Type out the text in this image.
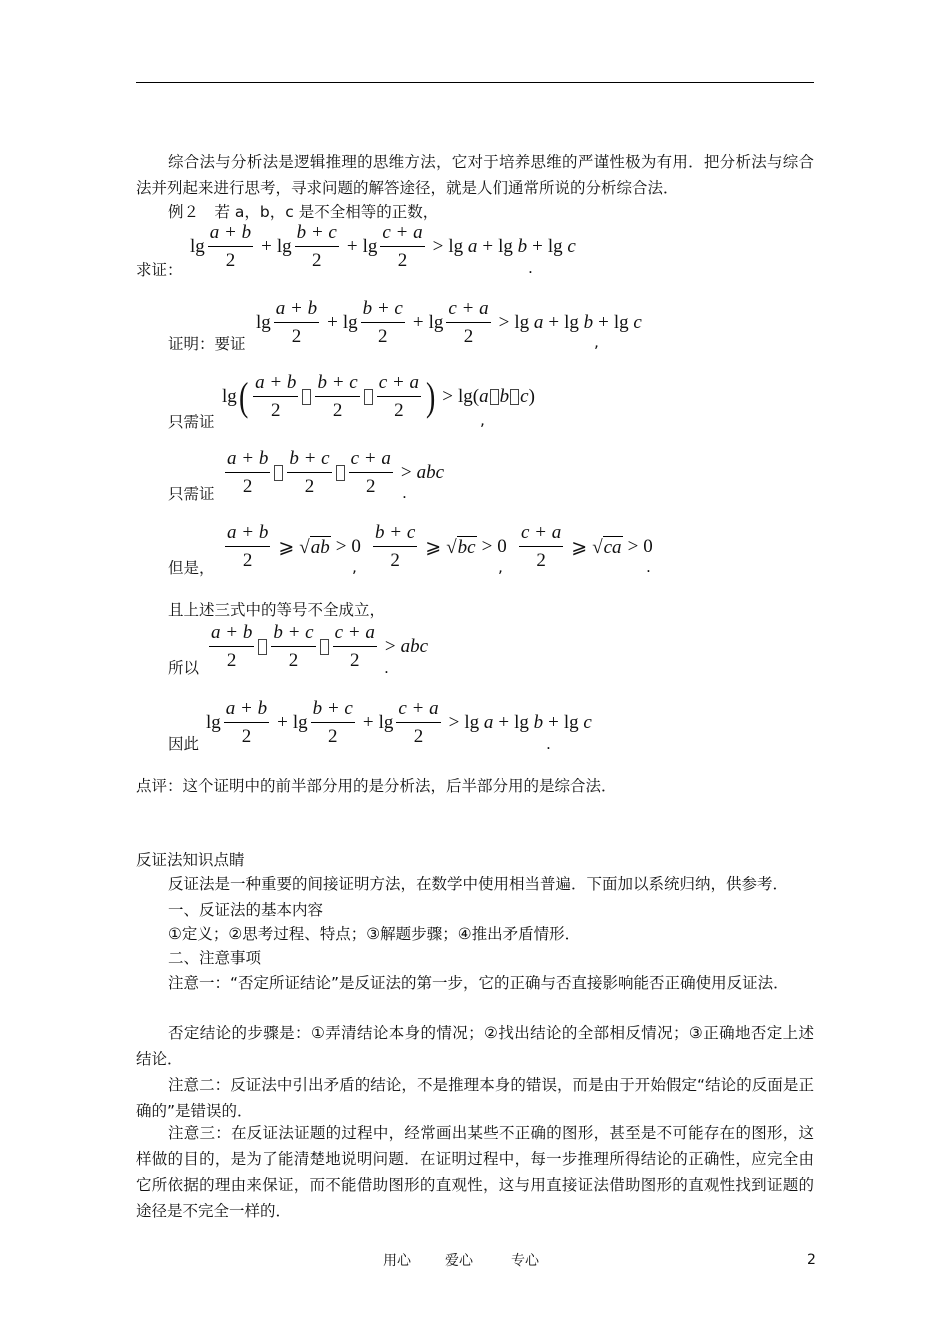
综合法与分析法是逻辑推理的思维方法，它对于培养思维的严谨性极为有用．把分析法与综合法并列起来进行思考，寻求问题的解答途径，就是人们通常所说的分析综合法．
例２　若 a，b，c 是不全相等的正数，
$\lg \frac{a + b}{2} + \lg \frac{b + c}{2} + \lg \frac{c + a}{2} > \lg$
a + lg
b + lg
c
求证：	.
证明：要证
$\lg \frac{a + b}{2} + \lg \frac{b + c}{2} + \lg \frac{c + a}{2} > \lg$
a + lg
b + lg
c
,
只需证
lg ( $\frac{a + b}{2} \frac{b + c}{2} \frac{c + a}{2}$ ) > lg ( a b c )
,
只需证 $\frac{a + b}{2} \frac{b + c}{2} \frac{c + a}{2}$ > abc
.
但是， $\frac{a + b}{2}$ ⩾ √ ab > 0
, $\frac{b + c}{2}$ ⩾ √ bc > 0
, $\frac{c + a}{2}$ ⩾ √ ca > 0
.
且上述三式中的等号不全成立，
所以 $\frac{a + b}{2} \frac{b + c}{2} \frac{c + a}{2}$ > abc
.
因此
$\lg \frac{a + b}{2} + \lg \frac{b + c}{2} + \lg \frac{c + a}{2} > \lg$
a + lg
b + lg
c
.
点评：这个证明中的前半部分用的是分析法，后半部分用的是综合法．
反证法知识点睛
反证法是一种重要的间接证明方法，在数学中使用相当普遍．下面加以系统归纳，供参考．
一、反证法的基本内容
①定义；②思考过程、特点；③解题步骤；④推出矛盾情形．
二、注意事项
注意一：“否定所证结论”是反证法的第一步，它的正确与否直接影响能否正确使用反证法．
否定结论的步骤是：①弄清结论本身的情况；②找出结论的全部相反情况；③正确地否定上述结论．
注意二：反证法中引出矛盾的结论，不是推理本身的错误，而是由于开始假定“结论的反面是正确的”是错误的．
注意三：在反证法证题的过程中，经常画出某些不正确的图形，甚至是不可能存在的图形，这样做的目的，是为了能清楚地说明问题．在证明过程中，每一步推理所得结论的正确性，应完全由它所依据的理由来保证，而不能借助图形的直观性，这与用直接证法借助图形的直观性找到证题的途径是不完全一样的．
用心 爱心	专心	2
